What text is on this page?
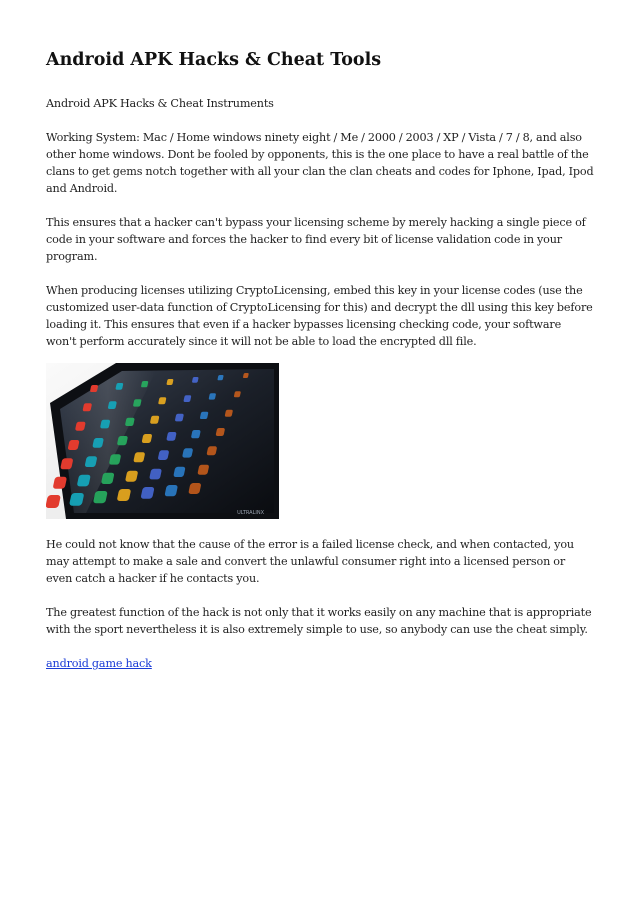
Android APK Hacks & Cheat Tools

Android APK Hacks & Cheat Instruments

Working System: Mac / Home windows ninety eight / Me / 2000 / 2003 / XP / Vista / 7 / 8, and also other home windows. Dont be fooled by opponents, this is the one place to have a real battle of the clans to get gems notch together with all your clan the clan cheats and codes for Iphone, Ipad, Ipod and Android.

This ensures that a hacker can't bypass your licensing scheme by merely hacking a single piece of code in your software and forces the hacker to find every bit of license validation code in your program.

When producing licenses utilizing CryptoLicensing, embed this key in your license codes (use the customized user-data function of CryptoLicensing for this) and decrypt the dll using this key before loading it. This ensures that even if a hacker bypasses licensing checking code, your software won't perform accurately since it will not be able to load the encrypted dll file.

ULTRALINX

He could not know that the cause of the error is a failed license check, and when contacted, you may attempt to make a sale and convert the unlawful consumer right into a licensed person or even catch a hacker if he contacts you.

The greatest function of the hack is not only that it works easily on any machine that is appropriate with the sport nevertheless it is also extremely simple to use, so anybody can use the cheat simply.

android game hack
